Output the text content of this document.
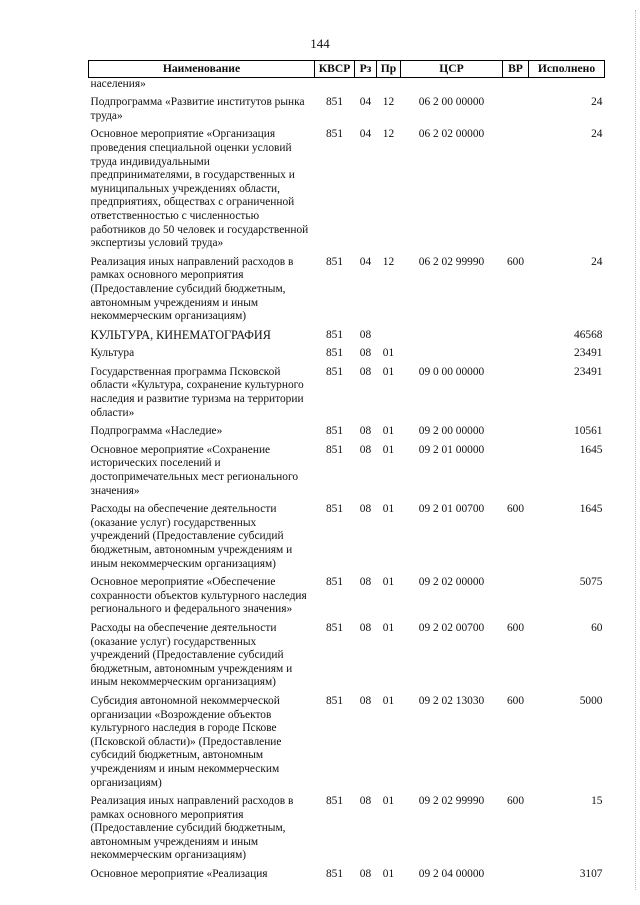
144
Наименование	КВСР	Рз	Пр	ЦСР	ВР	Исполнено
населения»						
Подпрограмма «Развитие институтов рынка труда»	851	04	12	06 2 00 00000		24
Основное мероприятие «Организация проведения специальной оценки условий труда индивидуальными предпринимателями, в государственных и муниципальных учреждениях области, предприятиях, обществах с ограниченной ответственностью с численностью работников до 50 человек и государственной экспертизы условий труда»	851	04	12	06 2 02 00000		24
Реализация иных направлений расходов в рамках основного мероприятия (Предоставление субсидий бюджетным, автономным учреждениям и иным некоммерческим организациям)	851	04	12	06 2 02 99990	600	24
КУЛЬТУРА, КИНЕМАТОГРАФИЯ	851	08				46568
Культура	851	08	01			23491
Государственная программа Псковской области «Культура, сохранение культурного наследия и развитие туризма на территории области»	851	08	01	09 0 00 00000		23491
Подпрограмма «Наследие»	851	08	01	09 2 00 00000		10561
Основное мероприятие «Сохранение исторических поселений и достопримечательных мест регионального значения»	851	08	01	09 2 01 00000		1645
Расходы на обеспечение деятельности (оказание услуг) государственных учреждений (Предоставление субсидий бюджетным, автономным учреждениям и иным некоммерческим организациям)	851	08	01	09 2 01 00700	600	1645
Основное мероприятие «Обеспечение сохранности объектов культурного наследия регионального и федерального значения»	851	08	01	09 2 02 00000		5075
Расходы на обеспечение деятельности (оказание услуг) государственных учреждений (Предоставление субсидий бюджетным, автономным учреждениям и иным некоммерческим организациям)	851	08	01	09 2 02 00700	600	60
Субсидия автономной некоммерческой организации «Возрождение объектов культурного наследия в городе Пскове (Псковской области)» (Предоставление субсидий бюджетным, автономным учреждениям и иным некоммерческим организациям)	851	08	01	09 2 02 13030	600	5000
Реализация иных направлений расходов в рамках основного мероприятия (Предоставление субсидий бюджетным, автономным учреждениям и иным некоммерческим организациям)	851	08	01	09 2 02 99990	600	15
Основное мероприятие «Реализация	851	08	01	09 2 04 00000		3107
